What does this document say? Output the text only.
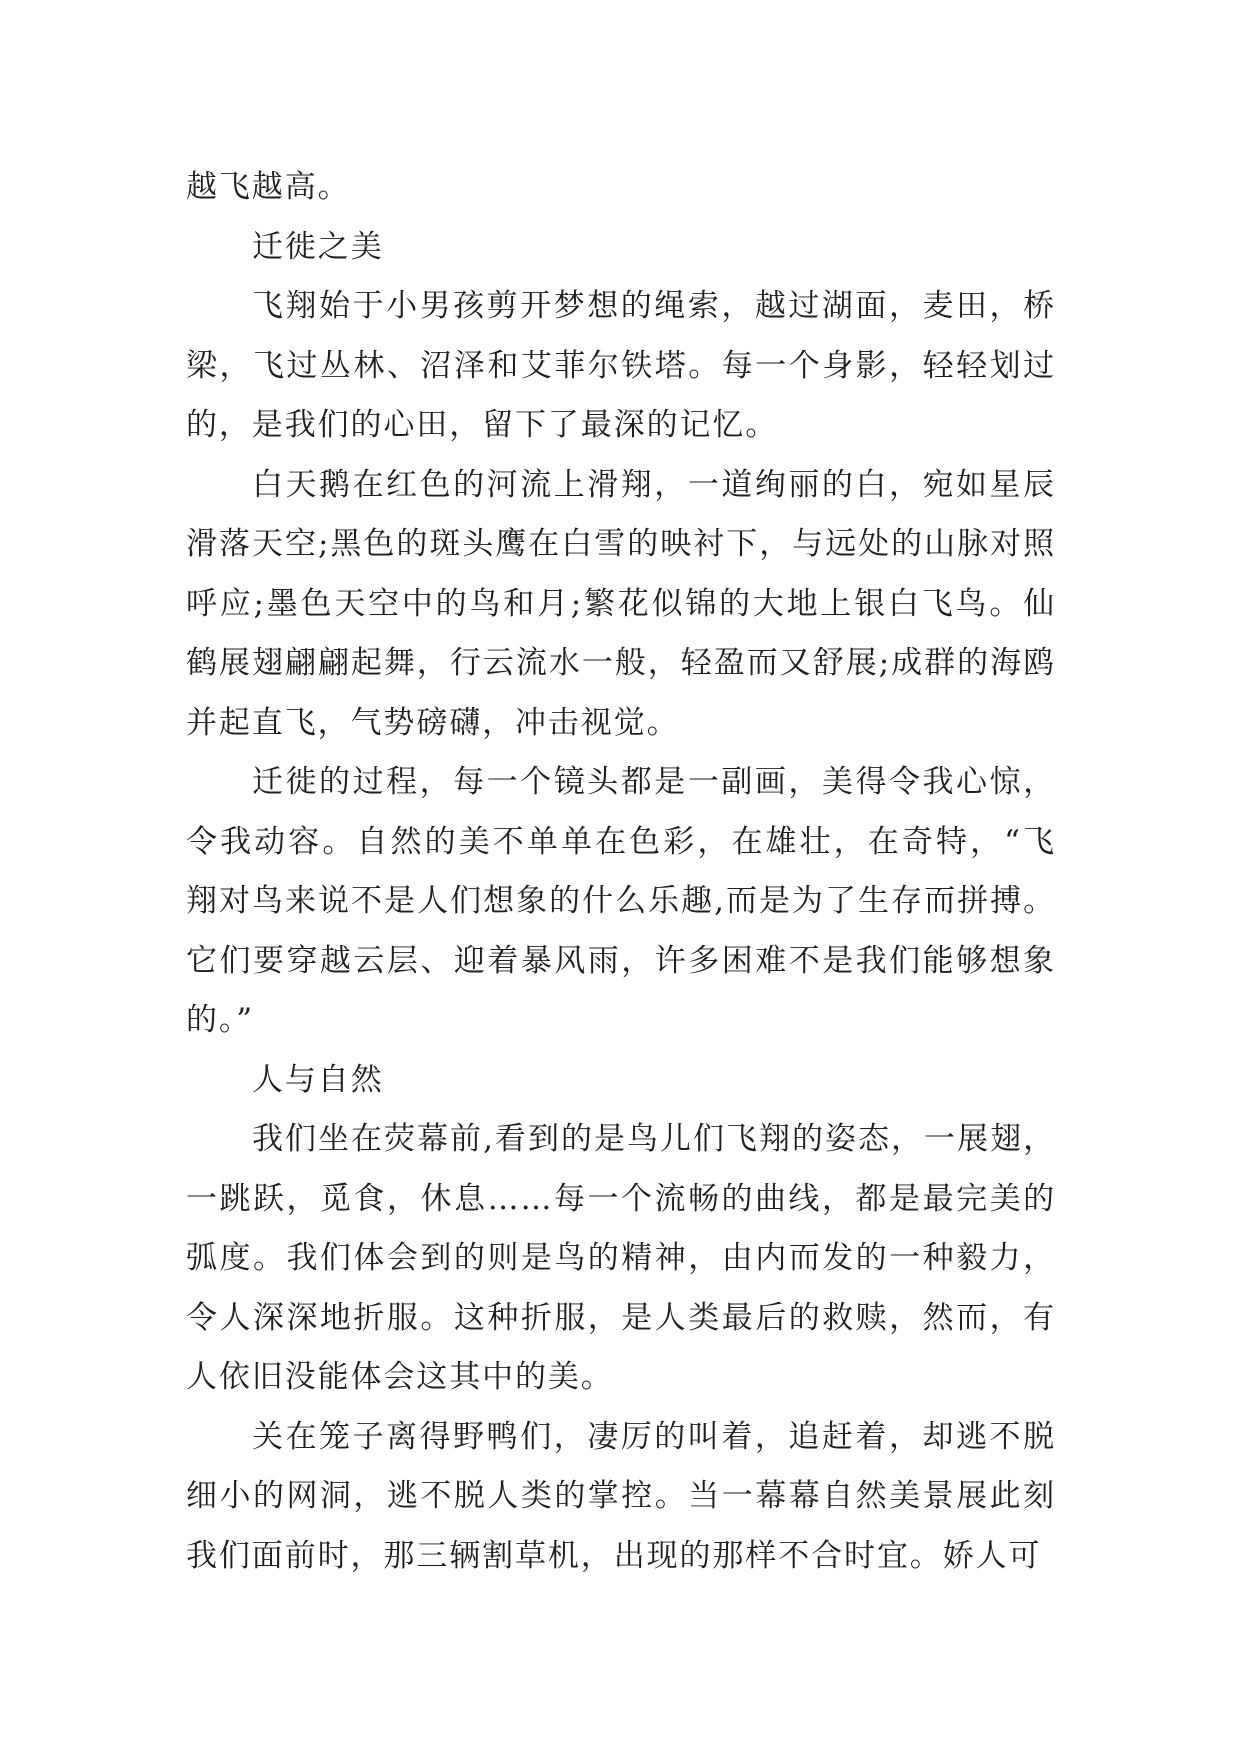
越飞越高。

迁徙之美

飞翔始于小男孩剪开梦想的绳索，越过湖面，麦田，桥梁，飞过丛林、沼泽和艾菲尔铁塔。每一个身影，轻轻划过的，是我们的心田，留下了最深的记忆。

白天鹅在红色的河流上滑翔，一道绚丽的白，宛如星辰滑落天空;黑色的斑头鹰在白雪的映衬下，与远处的山脉对照呼应;墨色天空中的鸟和月;繁花似锦的大地上银白飞鸟。仙鹤展翅翩翩起舞，行云流水一般，轻盈而又舒展;成群的海鸥并起直飞，气势磅礴，冲击视觉。

迁徙的过程，每一个镜头都是一副画，美得令我心惊，令我动容。自然的美不单单在色彩，在雄壮，在奇特，“飞翔对鸟来说不是人们想象的什么乐趣,而是为了生存而拼搏。它们要穿越云层、迎着暴风雨，许多困难不是我们能够想象的。”

人与自然

我们坐在荧幕前,看到的是鸟儿们飞翔的姿态，一展翅，一跳跃，觅食，休息……每一个流畅的曲线，都是最完美的弧度。我们体会到的则是鸟的精神，由内而发的一种毅力，令人深深地折服。这种折服，是人类最后的救赎，然而，有人依旧没能体会这其中的美。

关在笼子离得野鸭们，凄厉的叫着，追赶着，却逃不脱细小的网洞，逃不脱人类的掌控。当一幕幕自然美景展此刻我们面前时，那三辆割草机，出现的那样不合时宜。娇人可
